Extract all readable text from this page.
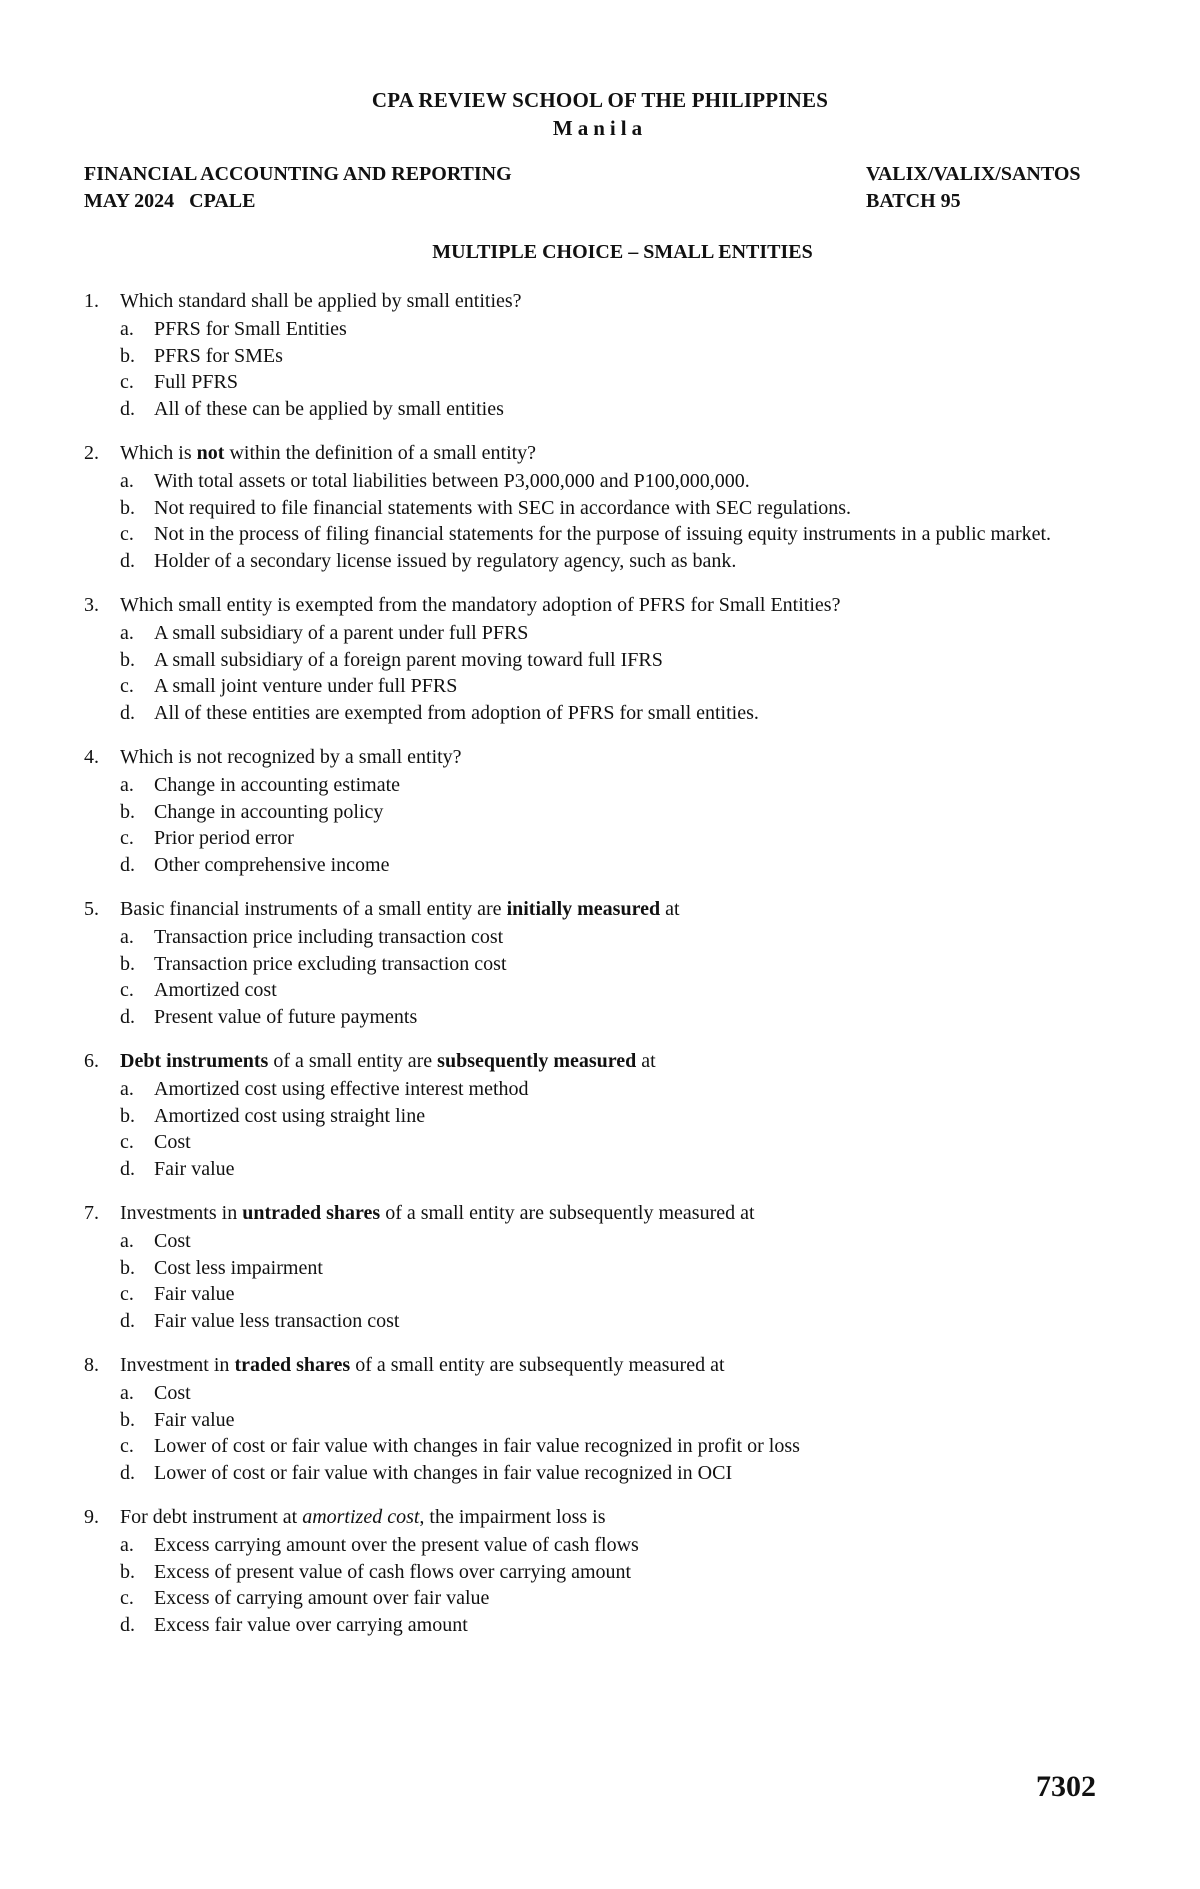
CPA REVIEW SCHOOL OF THE PHILIPPINES
Manila
FINANCIAL ACCOUNTING AND REPORTING
MAY 2024   CPALE
VALIX/VALIX/SANTOS
BATCH 95
MULTIPLE CHOICE – SMALL ENTITIES
1.	Which standard shall be applied by small entities?
a.	PFRS for Small Entities
b. PFRS for SMEs
c.	Full PFRS
d. All of these can be applied by small entities
2.	Which is not within the definition of a small entity?
a.	With total assets or total liabilities between P3,000,000 and P100,000,000.
b. Not required to file financial statements with SEC in accordance with SEC regulations.
c.	Not in the process of filing financial statements for the purpose of issuing equity instruments in a public market.
d. Holder of a secondary license issued by regulatory agency, such as bank.
3.	Which small entity is exempted from the mandatory adoption of PFRS for Small Entities?
a.	A small subsidiary of a parent under full PFRS
b. A small subsidiary of a foreign parent moving toward full IFRS
c.	A small joint venture under full PFRS
d. All of these entities are exempted from adoption of PFRS for small entities.
4.	Which is not recognized by a small entity?
a.	Change in accounting estimate
b. Change in accounting policy
c.	Prior period error
d. Other comprehensive income
5.	Basic financial instruments of a small entity are initially measured at
a.	Transaction price including transaction cost
b. Transaction price excluding transaction cost
c.	Amortized cost
d. Present value of future payments
6.	Debt instruments of a small entity are subsequently measured at
a.	Amortized cost using effective interest method
b. Amortized cost using straight line
c.	Cost
d. Fair value
7.	Investments in untraded shares of a small entity are subsequently measured at
a.	Cost
b. Cost less impairment
c.	Fair value
d. Fair value less transaction cost
8.	Investment in traded shares of a small entity are subsequently measured at
a.	Cost
b. Fair value
c.	Lower of cost or fair value with changes in fair value recognized in profit or loss
d. Lower of cost or fair value with changes in fair value recognized in OCI
9.	For debt instrument at amortized cost, the impairment loss is
a.	Excess carrying amount over the present value of cash flows
b. Excess of present value of cash flows over carrying amount
c.	Excess of carrying amount over fair value
d. Excess fair value over carrying amount
7302
